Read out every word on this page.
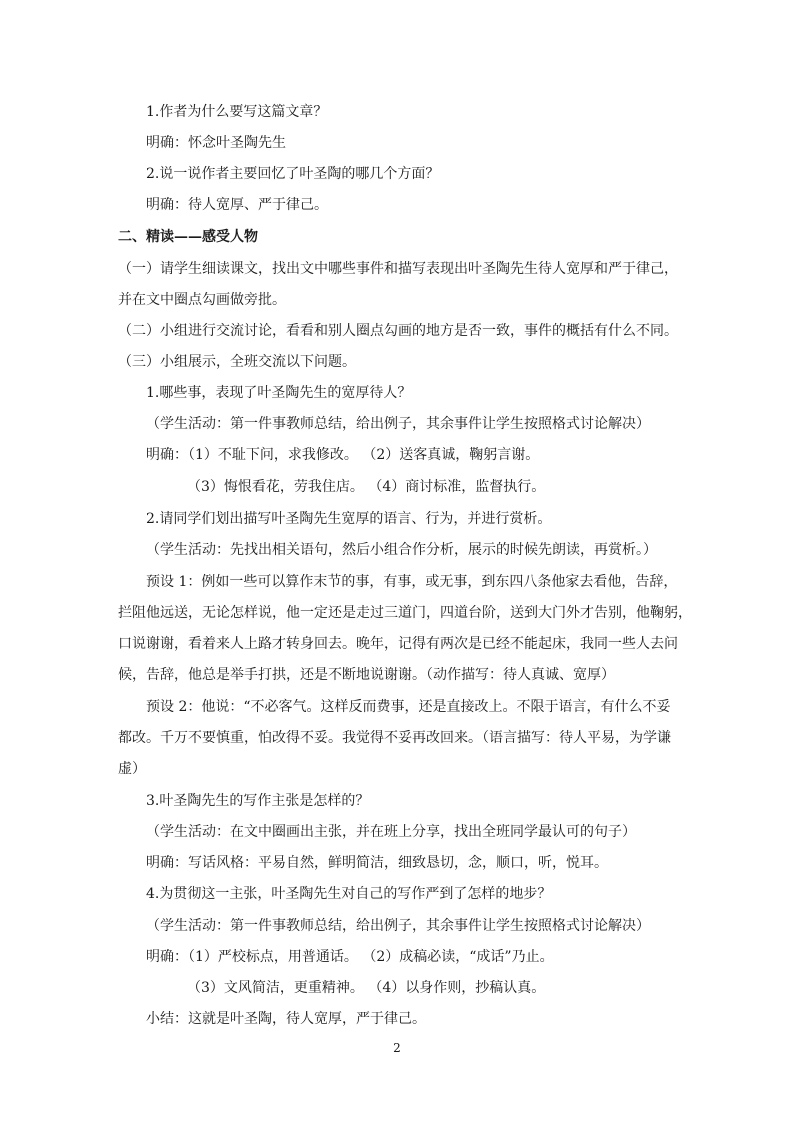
1.作者为什么要写这篇文章？
明确：怀念叶圣陶先生
2.说一说作者主要回忆了叶圣陶的哪几个方面？
明确：待人宽厚、严于律己。
二、精读——感受人物
（一）请学生细读课文，找出文中哪些事件和描写表现出叶圣陶先生待人宽厚和严于律己，
并在文中圈点勾画做旁批。
（二）小组进行交流讨论，看看和别人圈点勾画的地方是否一致，事件的概括有什么不同。
（三）小组展示，全班交流以下问题。
1.哪些事，表现了叶圣陶先生的宽厚待人？
（学生活动：第一件事教师总结，给出例子，其余事件让学生按照格式讨论解决）
明确：（1）不耻下问，求我修改。 （2）送客真诚，鞠躬言谢。
（3）悔恨看花，劳我住店。 （4）商讨标准，监督执行。
2.请同学们划出描写叶圣陶先生宽厚的语言、行为，并进行赏析。
（学生活动：先找出相关语句，然后小组合作分析，展示的时候先朗读，再赏析。）
预设 1：例如一些可以算作末节的事，有事，或无事，到东四八条他家去看他，告辞，
拦阻他远送，无论怎样说，他一定还是走过三道门，四道台阶，送到大门外才告别，他鞠躬，
口说谢谢，看着来人上路才转身回去。晚年，记得有两次是已经不能起床，我同一些人去问
候，告辞，他总是举手打拱，还是不断地说谢谢。（动作描写：待人真诚、宽厚）
预设 2：他说：“不必客气。这样反而费事，还是直接改上。不限于语言，有什么不妥
都改。千万不要慎重，怕改得不妥。我觉得不妥再改回来。（语言描写：待人平易，为学谦
虚）
3.叶圣陶先生的写作主张是怎样的？
（学生活动：在文中圈画出主张，并在班上分享，找出全班同学最认可的句子）
明确：写话风格：平易自然，鲜明简洁，细致恳切，念，顺口，听，悦耳。
4.为贯彻这一主张，叶圣陶先生对自己的写作严到了怎样的地步？
（学生活动：第一件事教师总结，给出例子，其余事件让学生按照格式讨论解决）
明确：（1）严校标点，用普通话。 （2）成稿必读，“成话”乃止。
（3）文风简洁，更重精神。 （4）以身作则，抄稿认真。
小结：这就是叶圣陶，待人宽厚，严于律己。
2
